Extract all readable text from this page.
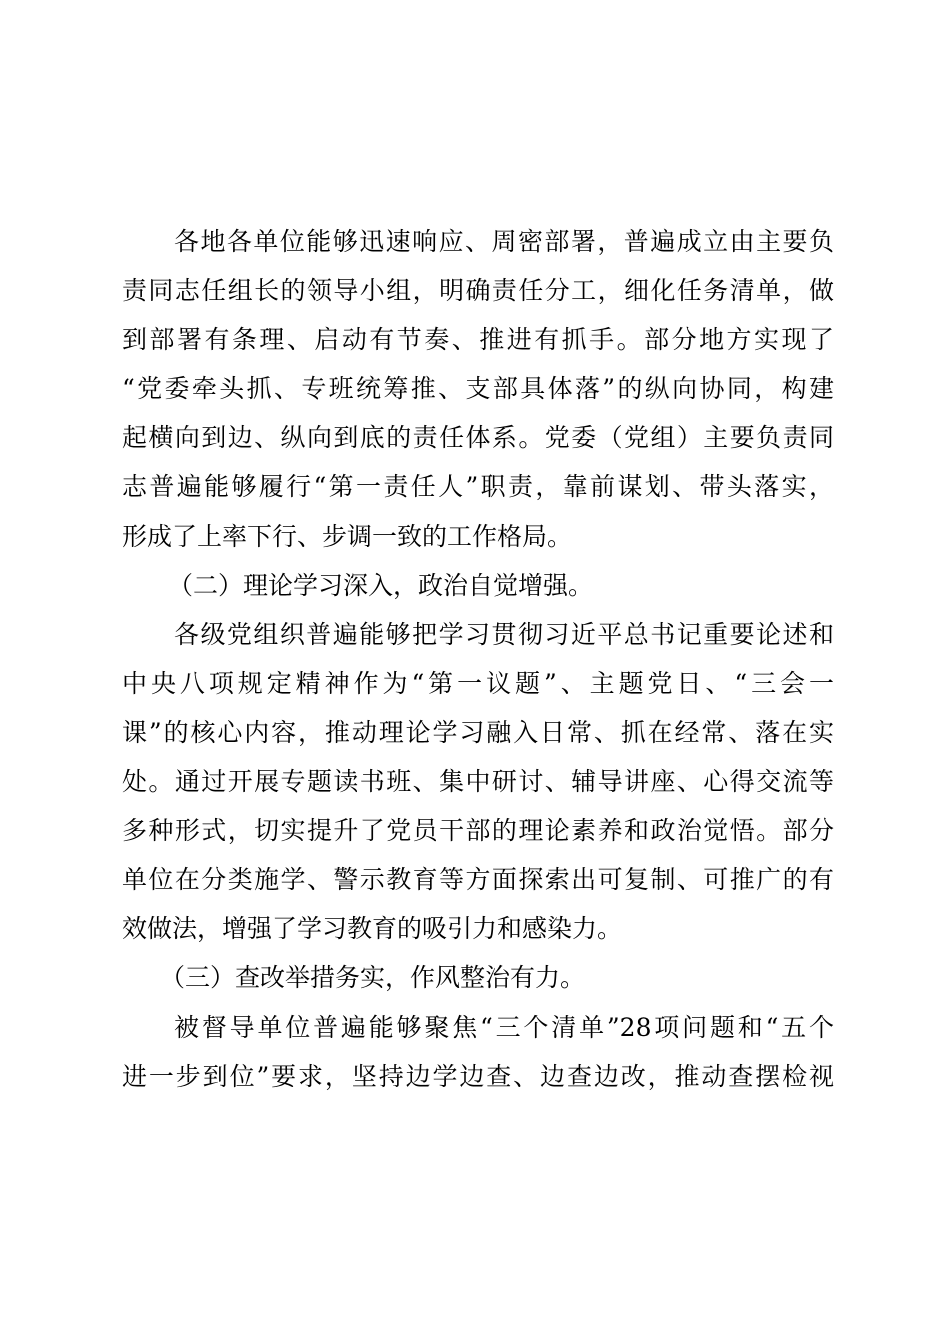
各地各单位能够迅速响应、周密部署，普遍成立由主要负
责同志任组长的领导小组，明确责任分工，细化任务清单，做
到部署有条理、启动有节奏、推进有抓手。部分地方实现了
“党委牵头抓、专班统筹推、支部具体落”的纵向协同，构建
起横向到边、纵向到底的责任体系。党委（党组）主要负责同
志普遍能够履行“第一责任人”职责，靠前谋划、带头落实，
形成了上率下行、步调一致的工作格局。
（二）理论学习深入，政治自觉增强。
各级党组织普遍能够把学习贯彻习近平总书记重要论述和
中央八项规定精神作为“第一议题”、主题党日、“三会一
课”的核心内容，推动理论学习融入日常、抓在经常、落在实
处。通过开展专题读书班、集中研讨、辅导讲座、心得交流等
多种形式，切实提升了党员干部的理论素养和政治觉悟。部分
单位在分类施学、警示教育等方面探索出可复制、可推广的有
效做法，增强了学习教育的吸引力和感染力。
（三）查改举措务实，作风整治有力。
被督导单位普遍能够聚焦“三个清单”28项问题和“五个
进一步到位”要求，坚持边学边查、边查边改，推动查摆检视
